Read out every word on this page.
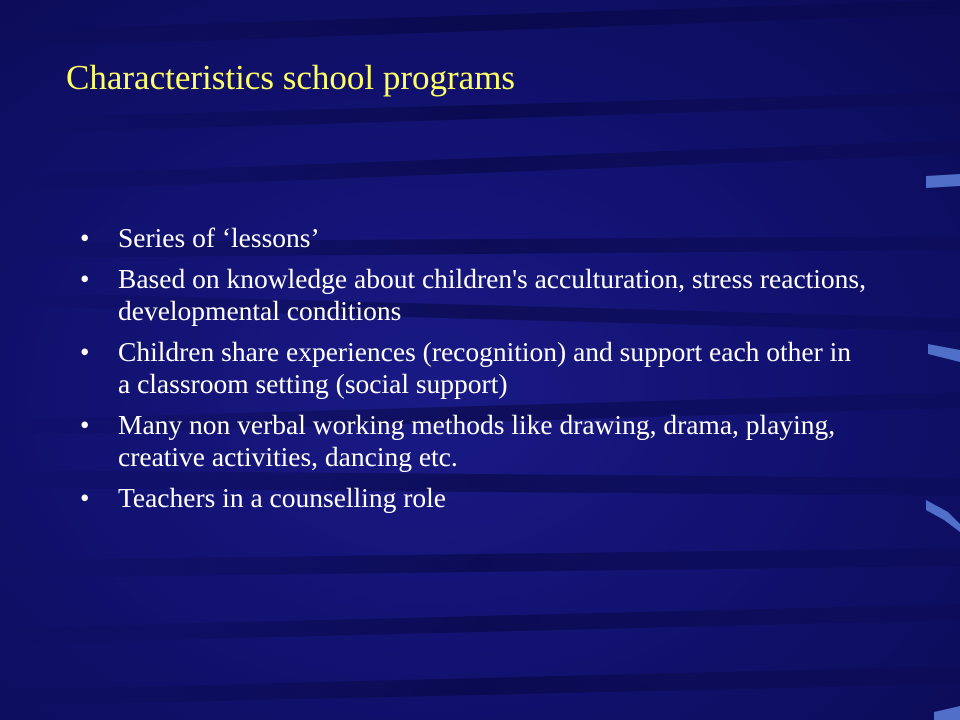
Characteristics school programs
• Series of ‘lessons’
• Based on knowledge about children's acculturation, stress reactions, developmental conditions
• Children share experiences (recognition) and support each other in a classroom setting (social support)
• Many non verbal working methods like drawing, drama, playing, creative activities, dancing etc.
• Teachers in a counselling role
